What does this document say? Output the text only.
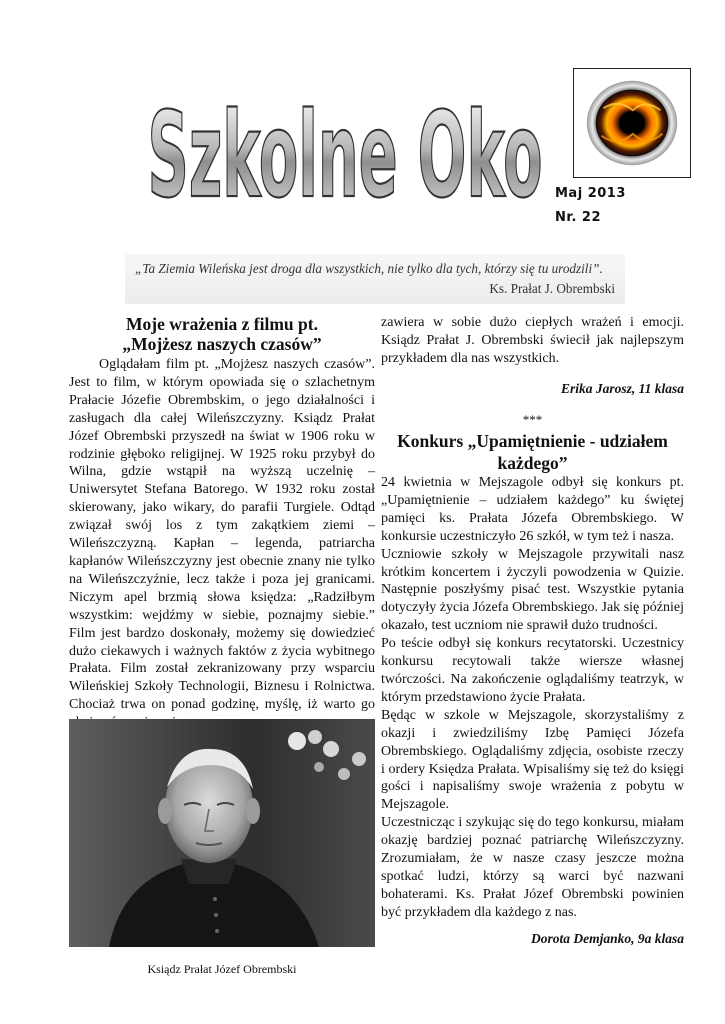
Szkolne Oko Maj 2013
Nr. 22
„Ta Ziemia Wileńska jest droga dla wszystkich, nie tylko dla tych, którzy się tu urodzili”.
Ks. Prałat J. Obrembski
Moje wrażenia z filmu pt.
„Mojżesz naszych czasów”

Oglądałam film pt. „Mojżesz naszych czasów”. Jest to film, w którym opowiada się o szlachetnym Prałacie Józefie Obrembskim, o jego działalności i zasługach dla całej Wileńszczyzny. Ksiądz Prałat Józef Obrembski przyszedł na świat w 1906 roku w rodzinie głęboko religijnej. W 1925 roku przybył do Wilna, gdzie wstąpił na wyższą uczelnię – Uniwersytet Stefana Batorego. W 1932 roku został skierowany, jako wikary, do parafii Turgiele. Odtąd związał swój los z tym zakątkiem ziemi – Wileńszczyzną. Kapłan – legenda, patriarcha kapłanów Wileńszczyzny jest obecnie znany nie tylko na Wileńszczyźnie, lecz także i poza jej granicami. Niczym apel brzmią słowa księdza: „Radziłbym wszystkim: wejdźmy w siebie, poznajmy siebie.” Film jest bardzo doskonały, możemy się dowiedzieć dużo ciekawych i ważnych faktów z życia wybitnego Prałata. Film został zekranizowany przy wsparciu Wileńskiej Szkoły Technologii, Biznesu i Rolnictwa. Chociaż trwa on ponad godzinę, myślę, iż warto go

Ksiądz Prałat Józef Obrembski
zawiera w sobie dużo ciepłych wrażeń i emocji. Ksiądz Prałat J. Obrembski świecił jak najlepszym przykładem dla nas wszystkich.
Erika Jarosz, 11 klasa
***
Konkurs „Upamiętnienie - udziałem
każdego”

24 kwietnia w Mejszagole odbył się konkurs pt. „Upamiętnienie – udziałem każdego” ku świętej pamięci ks. Prałata Józefa Obrembskiego. W konkursie uczestniczyło 26 szkół, w tym też i nasza.

Uczniowie szkoły w Mejszagole przywitali nasz krótkim koncertem i życzyli powodzenia w Quizie. Następnie poszłyśmy pisać test. Wszystkie pytania dotyczyły życia Józefa Obrembskiego. Jak się później okazało, test uczniom nie sprawił dużo trudności.

Po teście odbył się konkurs recytatorski. Uczestnicy konkursu recytowali także wiersze własnej twórczości. Na zakończenie oglądaliśmy teatrzyk, w którym przedstawiono życie Prałata.

Będąc w szkole w Mejszagole, skorzystaliśmy z okazji i zwiedziliśmy Izbę Pamięci Józefa Obrembskiego. Oglądaliśmy zdjęcia, osobiste rzeczy i ordery Księdza Prałata. Wpisaliśmy się też do księgi gości i napisaliśmy swoje wrażenia z pobytu w Mejszagole.

Uczestnicząc i szykując się do tego konkursu, miałam okazję bardziej poznać patriarchę Wileńszczyzny. Zrozumiałam, że w nasze czasy jeszcze można spotkać ludzi, którzy są warci być nazwani bohaterami. Ks. Prałat Józef Obrembski powinien być przykładem dla każdego z nas.

Dorota Demjanko, 9a klasa
